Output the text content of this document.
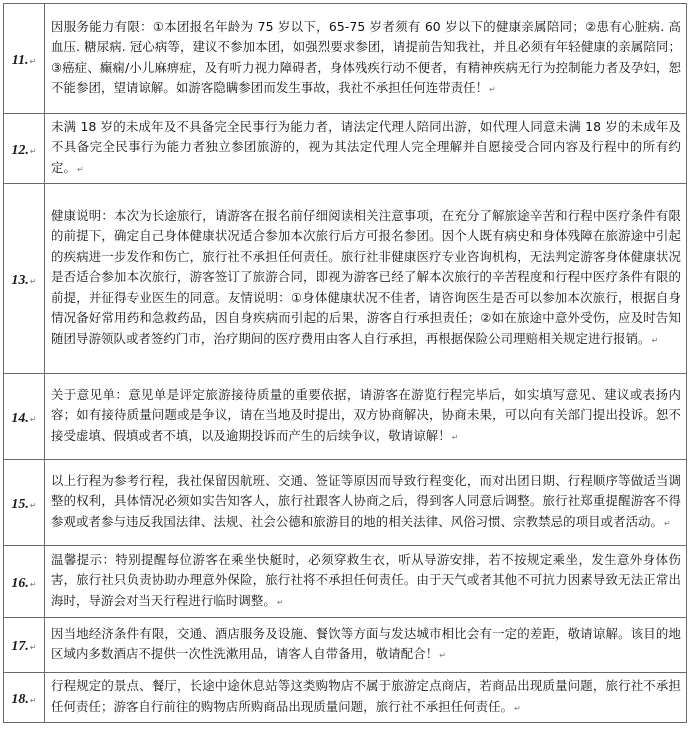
11.↵	因服务能力有限：①本团报名年龄为 75 岁以下，65-75 岁者须有 60 岁以下的健康亲属陪同；②患有心脏病. 高血压. 糖尿病. 冠心病等，建议不参加本团，如强烈要求参团，请提前告知我社，并且必须有年轻健康的亲属陪同；③癌症、癫痫/小儿麻痹症，及有听力视力障碍者，身体残疾行动不便者，有精神疾病无行为控制能力者及孕妇，恕不能参团，望请谅解。如游客隐瞒参团而发生事故，我社不承担任何连带责任！↵
12.↵	未满 18 岁的未成年及不具备完全民事行为能力者，请法定代理人陪同出游，如代理人同意未满 18 岁的未成年及不具备完全民事行为能力者独立参团旅游的，视为其法定代理人完全理解并自愿接受合同内容及行程中的所有约定。↵
13.↵	健康说明：本次为长途旅行，请游客在报名前仔细阅读相关注意事项，在充分了解旅途辛苦和行程中医疗条件有限的前提下，确定自己身体健康状况适合参加本次旅行后方可报名参团。因个人既有病史和身体残障在旅游途中引起的疾病进一步发作和伤亡，旅行社不承担任何责任。旅行社非健康医疗专业咨询机构，无法判定游客身体健康状况是否适合参加本次旅行，游客签订了旅游合同，即视为游客已经了解本次旅行的辛苦程度和行程中医疗条件有限的前提，并征得专业医生的同意。友情说明：①身体健康状况不佳者，请咨询医生是否可以参加本次旅行，根据自身情况备好常用药和急救药品，因自身疾病而引起的后果，游客自行承担责任；②如在旅途中意外受伤，应及时告知随团导游领队或者签约门市，治疗期间的医疗费用由客人自行承担，再根据保险公司理赔相关规定进行报销。↵
14.↵	关于意见单：意见单是评定旅游接待质量的重要依据，请游客在游览行程完毕后，如实填写意见、建议或表扬内容；如有接待质量问题或是争议，请在当地及时提出，双方协商解决，协商未果，可以向有关部门提出投诉。恕不接受虚填、假填或者不填，以及逾期投诉而产生的后续争议，敬请谅解！↵
15.↵	以上行程为参考行程，我社保留因航班、交通、签证等原因而导致行程变化，而对出团日期、行程顺序等做适当调整的权利，具体情况必须如实告知客人，旅行社跟客人协商之后，得到客人同意后调整。旅行社郑重提醒游客不得参观或者参与违反我国法律、法规、社会公德和旅游目的地的相关法律、风俗习惯、宗教禁忌的项目或者活动。↵
16.↵	温馨提示：特别提醒每位游客在乘坐快艇时，必须穿救生衣，听从导游安排，若不按规定乘坐，发生意外身体伤害，旅行社只负责协助办理意外保险，旅行社将不承担任何责任。由于天气或者其他不可抗力因素导致无法正常出海时，导游会对当天行程进行临时调整。↵
17.↵	因当地经济条件有限，交通、酒店服务及设施、餐饮等方面与发达城市相比会有一定的差距，敬请谅解。该目的地区域内多数酒店不提供一次性洗漱用品，请客人自带备用，敬请配合！↵
18.↵	行程规定的景点、餐厅，长途中途休息站等这类购物店不属于旅游定点商店，若商品出现质量问题，旅行社不承担任何责任；游客自行前往的购物店所购商品出现质量问题，旅行社不承担任何责任。↵
